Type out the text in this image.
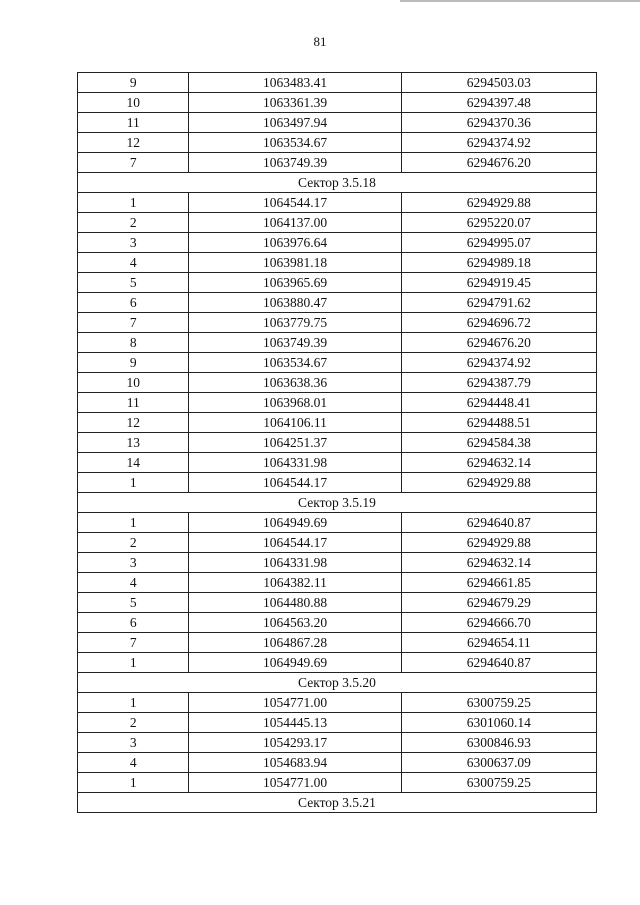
81
9	1063483.41	6294503.03
10	1063361.39	6294397.48
11	1063497.94	6294370.36
12	1063534.67	6294374.92
7	1063749.39	6294676.20
Сектор 3.5.18		
1	1064544.17	6294929.88
2	1064137.00	6295220.07
3	1063976.64	6294995.07
4	1063981.18	6294989.18
5	1063965.69	6294919.45
6	1063880.47	6294791.62
7	1063779.75	6294696.72
8	1063749.39	6294676.20
9	1063534.67	6294374.92
10	1063638.36	6294387.79
11	1063968.01	6294448.41
12	1064106.11	6294488.51
13	1064251.37	6294584.38
14	1064331.98	6294632.14
1	1064544.17	6294929.88
Сектор 3.5.19		
1	1064949.69	6294640.87
2	1064544.17	6294929.88
3	1064331.98	6294632.14
4	1064382.11	6294661.85
5	1064480.88	6294679.29
6	1064563.20	6294666.70
7	1064867.28	6294654.11
1	1064949.69	6294640.87
Сектор 3.5.20		
1	1054771.00	6300759.25
2	1054445.13	6301060.14
3	1054293.17	6300846.93
4	1054683.94	6300637.09
1	1054771.00	6300759.25
Сектор 3.5.21		
